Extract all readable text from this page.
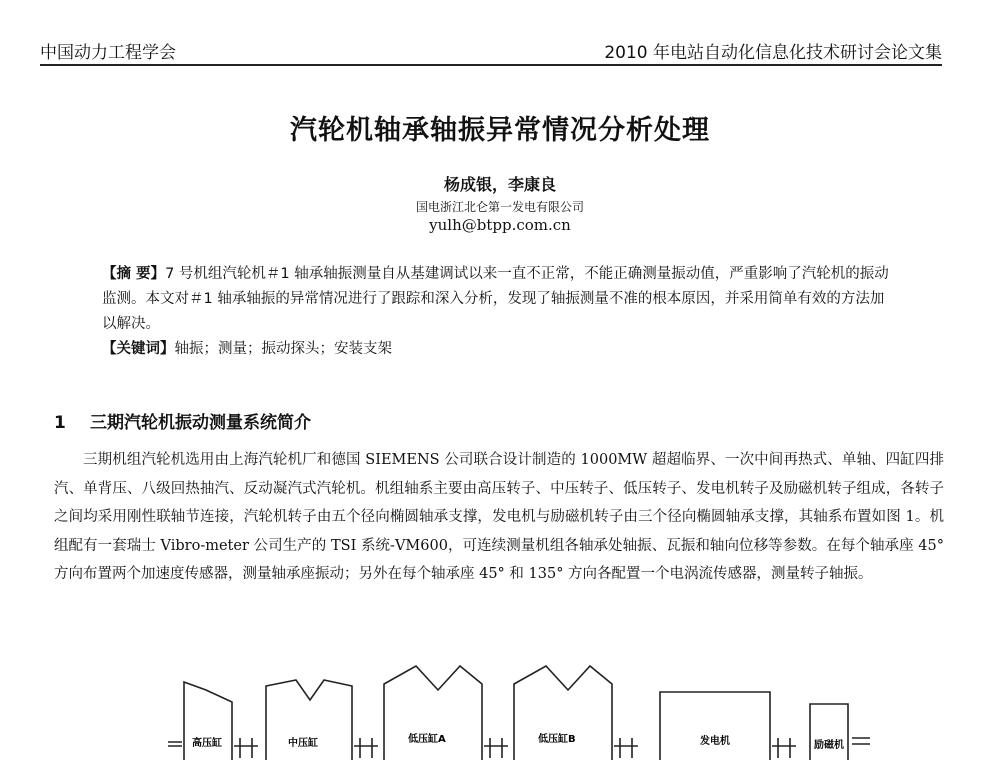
中国动力工程学会	2010 年电站自动化信息化技术研讨会论文集
汽轮机轴承轴振异常情况分析处理
杨成银，李康良
国电浙江北仑第一发电有限公司
yulh@btpp.com.cn

【摘 要】7 号机组汽轮机＃1 轴承轴振测量自从基建调试以来一直不正常，不能正确测量振动值，严重影响了汽轮机的振动监测。本文对＃1 轴承轴振的异常情况进行了跟踪和深入分析，发现了轴振测量不准的根本原因，并采用简单有效的方法加以解决。

【关键词】轴振；测量；振动探头；安装支架

1 三期汽轮机振动测量系统简介
三期机组汽轮机选用由上海汽轮机厂和德国 SIEMENS 公司联合设计制造的 1000MW 超超临界、一次中间再热式、单轴、四缸四排汽、单背压、八级回热抽汽、反动凝汽式汽轮机。机组轴系主要由高压转子、中压转子、低压转子、发电机转子及励磁机转子组成，各转子之间均采用刚性联轴节连接，汽轮机转子由五个径向椭圆轴承支撑，发电机与励磁机转子由三个径向椭圆轴承支撑，其轴系布置如图 1。机组配有一套瑞士 Vibro-meter 公司生产的 TSI 系统-VM600，可连续测量机组各轴承处轴振、瓦振和轴向位移等参数。在每个轴承座 45° 方向布置两个加速度传感器，测量轴承座振动；另外在每个轴承座 45° 和 135° 方向各配置一个电涡流传感器，测量转子轴振。
高压缸	中压缸	低压缸A	低压缸B	发电机	励磁机
